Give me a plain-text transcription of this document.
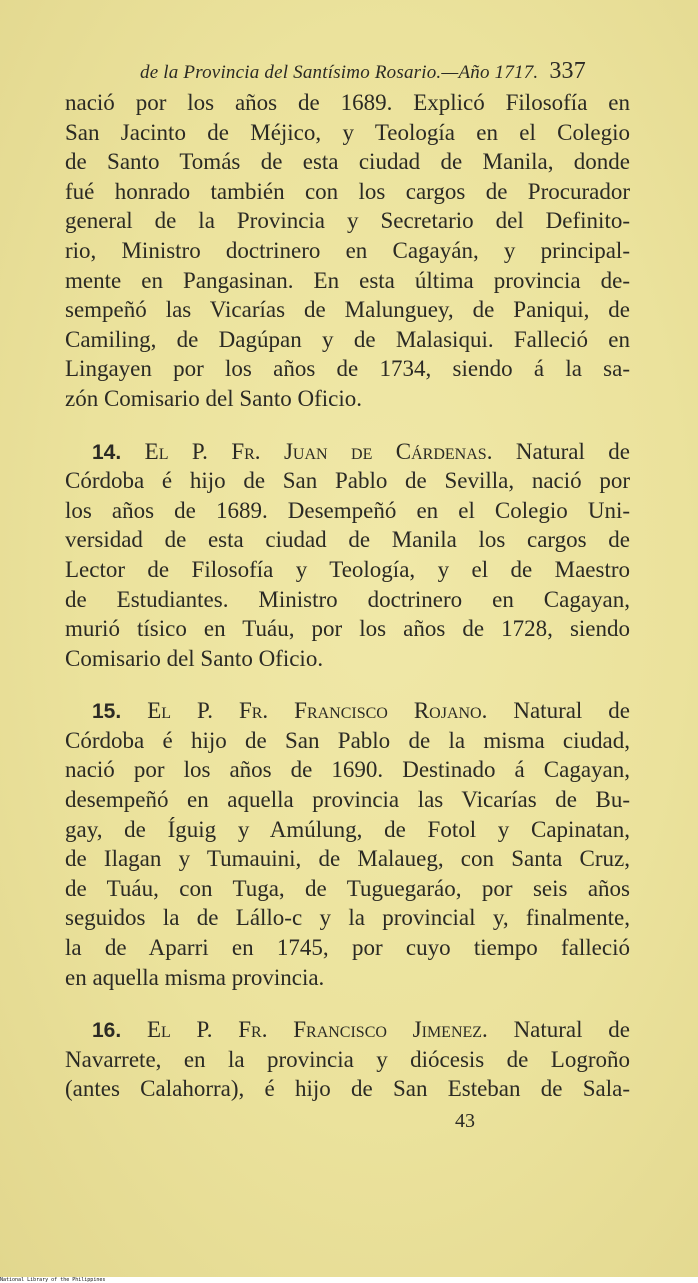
de la Provincia del Santísimo Rosario.—Año 1717. 337
nació por los años de 1689. Explicó Filosofía en
San Jacinto de Méjico, y Teología en el Colegio
de Santo Tomás de esta ciudad de Manila, donde
fué honrado también con los cargos de Procurador
general de la Provincia y Secretario del Definito-
rio, Ministro doctrinero en Cagayán, y principal-
mente en Pangasinan. En esta última provincia de-
sempeñó las Vicarías de Malunguey, de Paniqui, de
Camiling, de Dagúpan y de Malasiqui. Falleció en
Lingayen por los años de 1734, siendo á la sa-
zón Comisario del Santo Oficio.
14. El P. Fr. Juan de Cárdenas. Natural de
Córdoba é hijo de San Pablo de Sevilla, nació por
los años de 1689. Desempeñó en el Colegio Uni-
versidad de esta ciudad de Manila los cargos de
Lector de Filosofía y Teología, y el de Maestro
de Estudiantes. Ministro doctrinero en Cagayan,
murió tísico en Tuáu, por los años de 1728, siendo
Comisario del Santo Oficio.
15. El P. Fr. Francisco Rojano. Natural de
Córdoba é hijo de San Pablo de la misma ciudad,
nació por los años de 1690. Destinado á Cagayan,
desempeñó en aquella provincia las Vicarías de Bu-
gay, de Íguig y Amúlung, de Fotol y Capinatan,
de Ilagan y Tumauini, de Malaueg, con Santa Cruz,
de Tuáu, con Tuga, de Tuguegaráo, por seis años
seguidos la de Lállo-c y la provincial y, finalmente,
la de Aparri en 1745, por cuyo tiempo falleció
en aquella misma provincia.
16. El P. Fr. Francisco Jimenez. Natural de
Navarrete, en la provincia y diócesis de Logroño
(antes Calahorra), é hijo de San Esteban de Sala-
43
National Library of the Philippines
